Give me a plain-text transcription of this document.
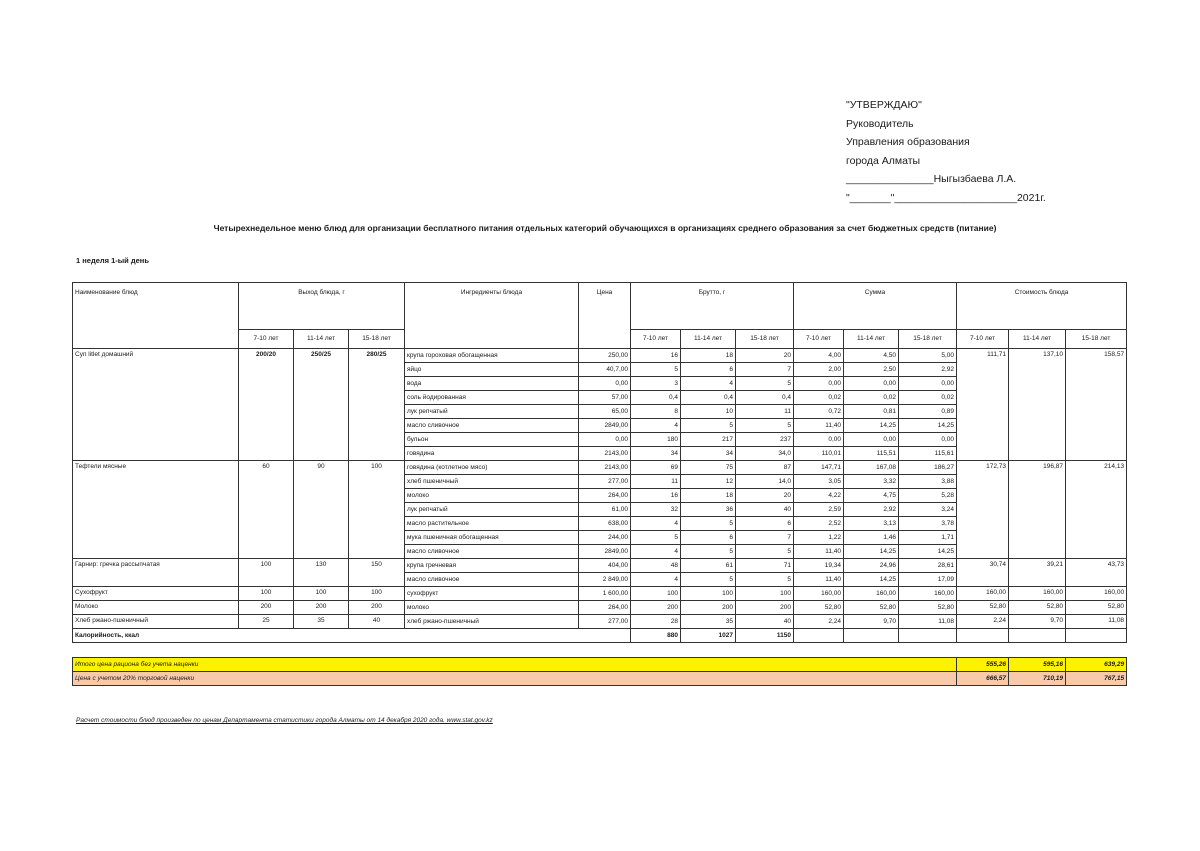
"УТВЕРЖДАЮ"
Руководитель
Управления образования
города Алматы
_______________Ныгызбаева Л.А.
"_______"_____________________2021г.
Четырехнедельное меню блюд для организации бесплатного питания отдельных категорий обучающихся в организациях среднего образования за счет бюджетных средств (питание)
1 неделя 1-ый день
Наименование блюд	Выход блюда, г			Ингредиенты блюда	Цена	Брутто, г			Сумма			Стоимость блюда		
	7-10 лет	11-14 лет	15-18 лет			7-10 лет	11-14 лет	15-18 лет	7-10 лет	11-14 лет	15-18 лет	7-10 лет	11-14 лет	15-18 лет
Суп litlet домашний	200/20	250/25	280/25	крупа гороховая обогащенная	250,00	16	18	20	4,00	4,50	5,00	111,71	137,10	158,57
				яйцо	40,7,00	5	6	7	2,00	2,50	2,92			
				вода	0,00	3	4	5	0,00	0,00	0,00			
				соль йодированная	57,00	0,4	0,4	0,4	0,02	0,02	0,02			
				лук репчатый	65,00	8	10	11	0,72	0,81	0,89			
				масло сливочное	2849,00	4	5	5	11,40	14,25	14,25			
				бульон	0,00	180	217	237	0,00	0,00	0,00			
				говядина	2143,00	34	34	34,0	110,01	115,51	115,61			
Тефтели мясные	60	90	100	говядина (котлетное мясо)	2143,00	69	75	87	147,71	167,08	186,27	172,73	196,87	214,13
				хлеб пшеничный	277,00	11	12	14,0	3,05	3,32	3,88			
				молоко	264,00	16	18	20	4,22	4,75	5,28			
				лук репчатый	61,00	32	36	40	2,59	2,92	3,24			
				масло растительное	638,00	4	5	6	2,52	3,13	3,78			
				мука пшеничная обогащенная	244,00	5	6	7	1,22	1,46	1,71			
				масло сливочное	2849,00	4	5	5	11,40	14,25	14,25			
Гарнир: гречка рассыпчатая	100	130	150	крупа гречневая	404,00	48	61	71	19,34	24,96	28,61	30,74	39,21	43,73
				масло сливочное	2 849,00	4	5	5	11,40	14,25	17,09			
Сухофрукт	100	100	100	сухофрукт	1 600,00	100	100	100	160,00	160,00	160,00	160,00	160,00	160,00
Молоко	200	200	200	молоко	264,00	200	200	200	52,80	52,80	52,80	52,80	52,80	52,80
Хлеб ржано-пшеничный	25	35	40	хлеб ржано-пшеничный	277,00	28	35	40	2,24	9,70	11,08	2,24	9,70	11,08
Калорийность, ккал						880	1027	1150						

Итого цена рациона без учета наценки												555,26	595,16	639,29
Цена с учетом 20% торговой наценки												666,57	710,19	767,15
Расчет стоимости блюд произведен по ценам Департамента статистики города Алматы от 14 декабря 2020 года. www.stat.gov.kz
